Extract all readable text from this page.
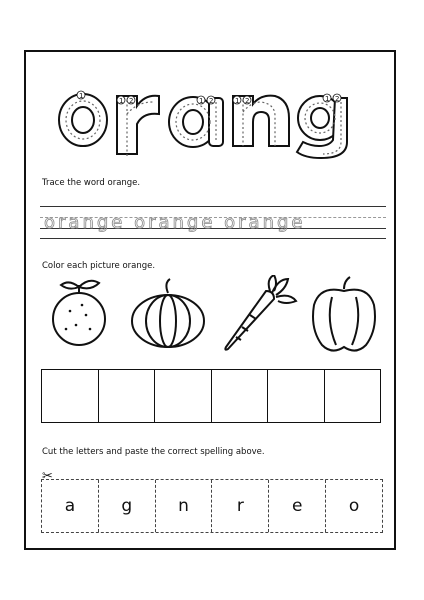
1
1 2	1 2	1 2	1 2
Trace the word orange.
orange orange orange
Color each picture orange.
Cut the letters and paste the correct spelling above.
✂
a	g	n	r	e	o
